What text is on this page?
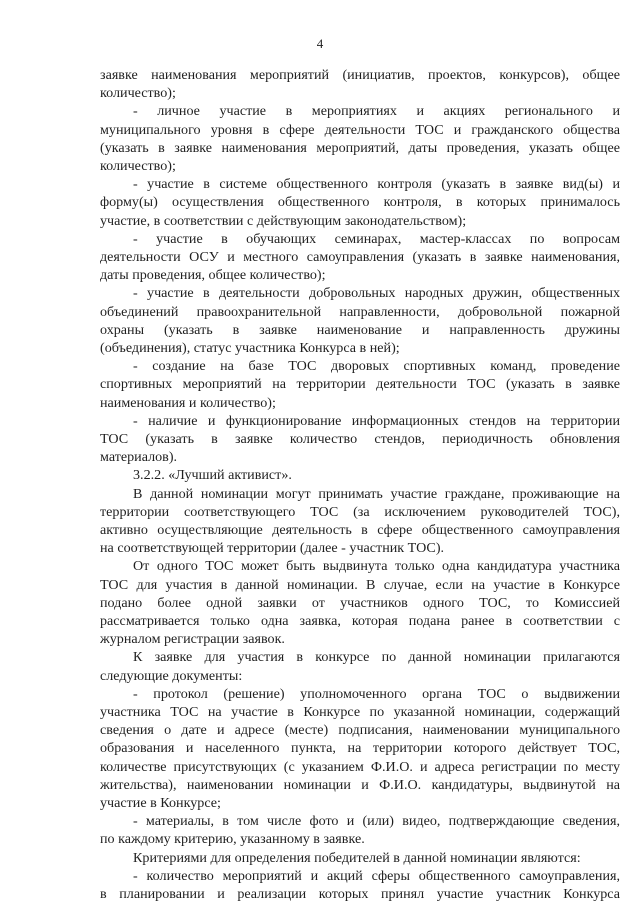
4
заявке наименования мероприятий (инициатив, проектов, конкурсов), общее
количество);
- личное участие в мероприятиях и акциях регионального и
муниципального уровня в сфере деятельности ТОС и гражданского общества
(указать в заявке наименования мероприятий, даты проведения, указать общее
количество);
- участие в системе общественного контроля (указать в заявке вид(ы) и
форму(ы) осуществления общественного контроля, в которых принималось
участие, в соответствии с действующим законодательством);
- участие в обучающих семинарах, мастер-классах по вопросам
деятельности ОСУ и местного самоуправления (указать в заявке наименования,
даты проведения, общее количество);
- участие в деятельности добровольных народных дружин, общественных
объединений правоохранительной направленности, добровольной пожарной
охраны (указать в заявке наименование и направленность дружины
(объединения), статус участника Конкурса в ней);
- создание на базе ТОС дворовых спортивных команд, проведение
спортивных мероприятий на территории деятельности ТОС (указать в заявке
наименования и количество);
- наличие и функционирование информационных стендов на территории
ТОС (указать в заявке количество стендов, периодичность обновления
материалов).
3.2.2. «Лучший активист».
В данной номинации могут принимать участие граждане, проживающие на
территории соответствующего ТОС (за исключением руководителей ТОС),
активно осуществляющие деятельность в сфере общественного самоуправления
на соответствующей территории (далее - участник ТОС).
От одного ТОС может быть выдвинута только одна кандидатура участника
ТОС для участия в данной номинации. В случае, если на участие в Конкурсе
подано более одной заявки от участников одного ТОС, то Комиссией
рассматривается только одна заявка, которая подана ранее в соответствии с
журналом регистрации заявок.
К заявке для участия в конкурсе по данной номинации прилагаются
следующие документы:
- протокол (решение) уполномоченного органа ТОС о выдвижении
участника ТОС на участие в Конкурсе по указанной номинации, содержащий
сведения о дате и адресе (месте) подписания, наименовании муниципального
образования и населенного пункта, на территории которого действует ТОС,
количестве присутствующих (с указанием Ф.И.О. и адреса регистрации по месту
жительства), наименовании номинации и Ф.И.О. кандидатуры, выдвинутой на
участие в Конкурсе;
- материалы, в том числе фото и (или) видео, подтверждающие сведения,
по каждому критерию, указанному в заявке.
Критериями для определения победителей в данной номинации являются:
- количество мероприятий и акций сферы общественного самоуправления,
в планировании и реализации которых принял участие участник Конкурса
